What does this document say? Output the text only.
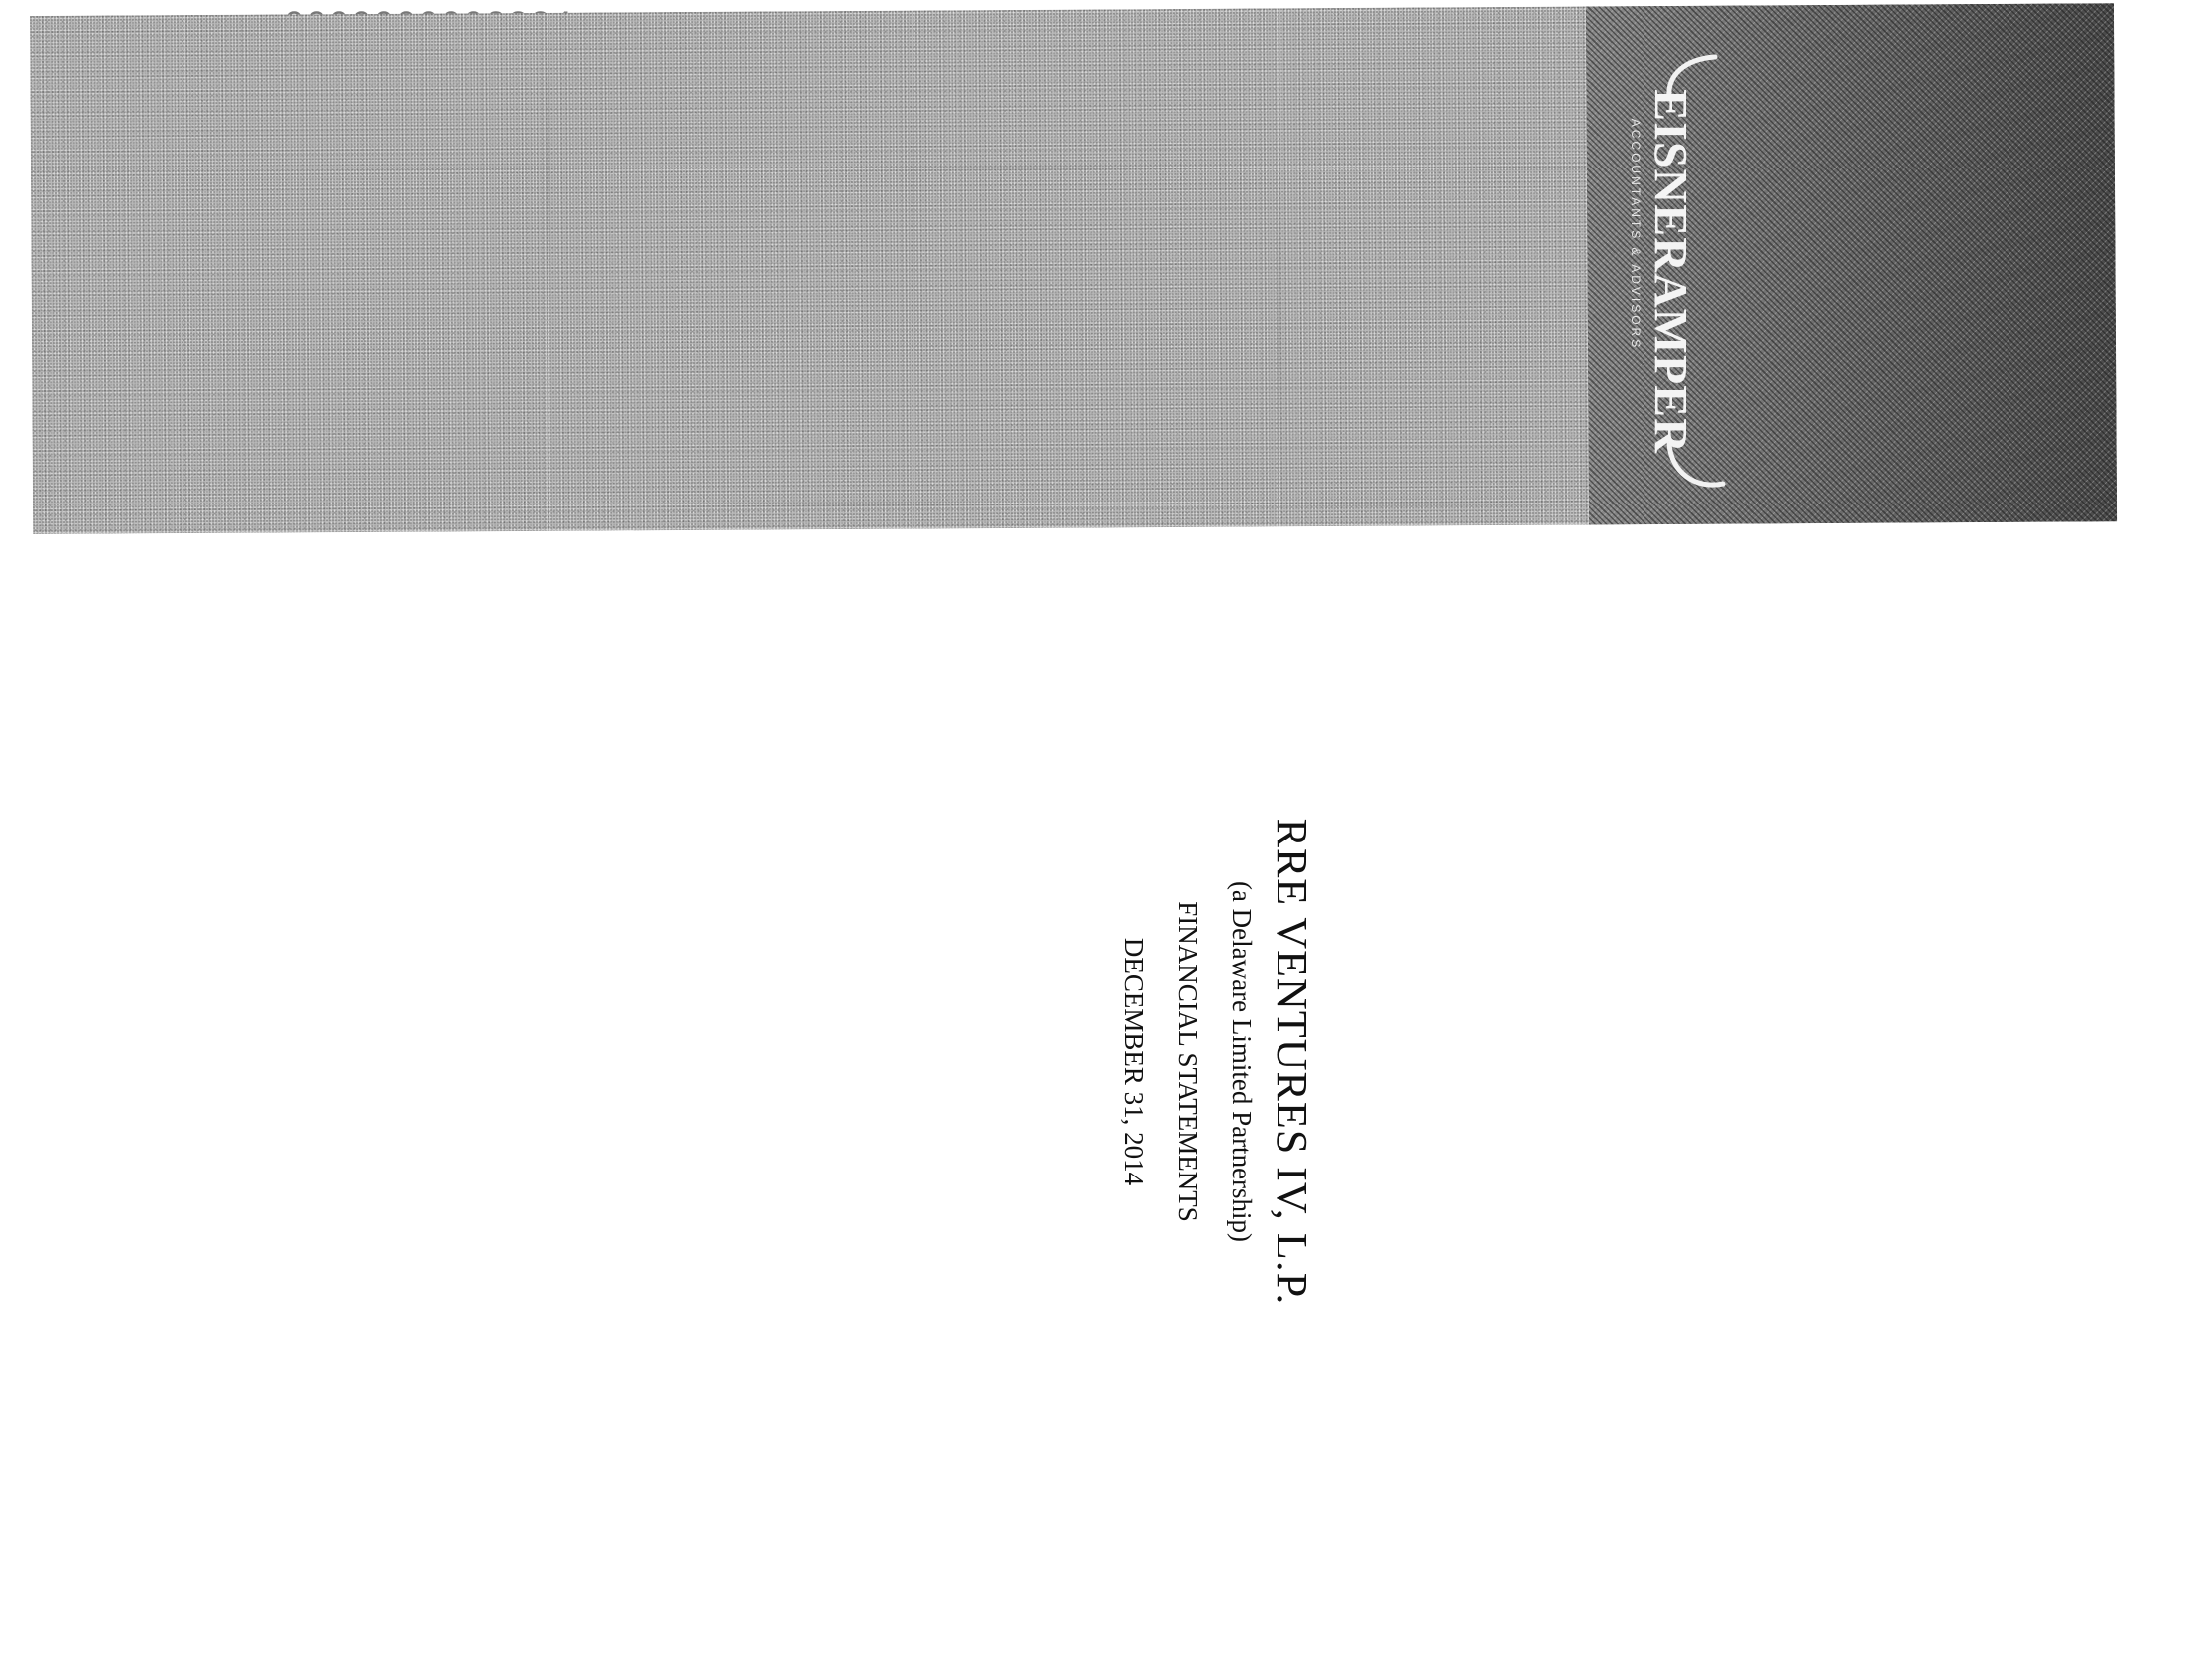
EISNERAMPER
ACCOUNTANTS & ADVISORS
RRE VENTURES IV, L.P.
(a Delaware Limited Partnership)
FINANCIAL STATEMENTS
DECEMBER 31, 2014
